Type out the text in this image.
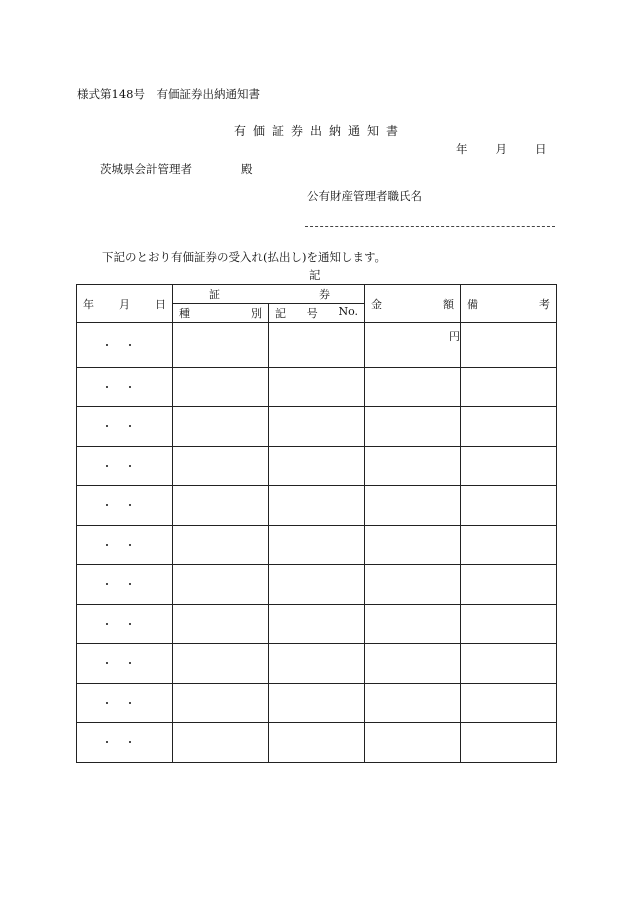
様式第148号　有価証券出納通知書
有価証券出納通知書
年 月 日
茨城県会計管理者	殿
公有財産管理者職氏名
下記のとおり有価証券の受入れ(払出し)を通知します。
記
年 月 日	証 券		金 額	備 考

	種 別	記 号 No.		

・・			円	
・・				
・・				
・・				
・・				
・・				
・・				
・・				
・・				
・・				
・・				
